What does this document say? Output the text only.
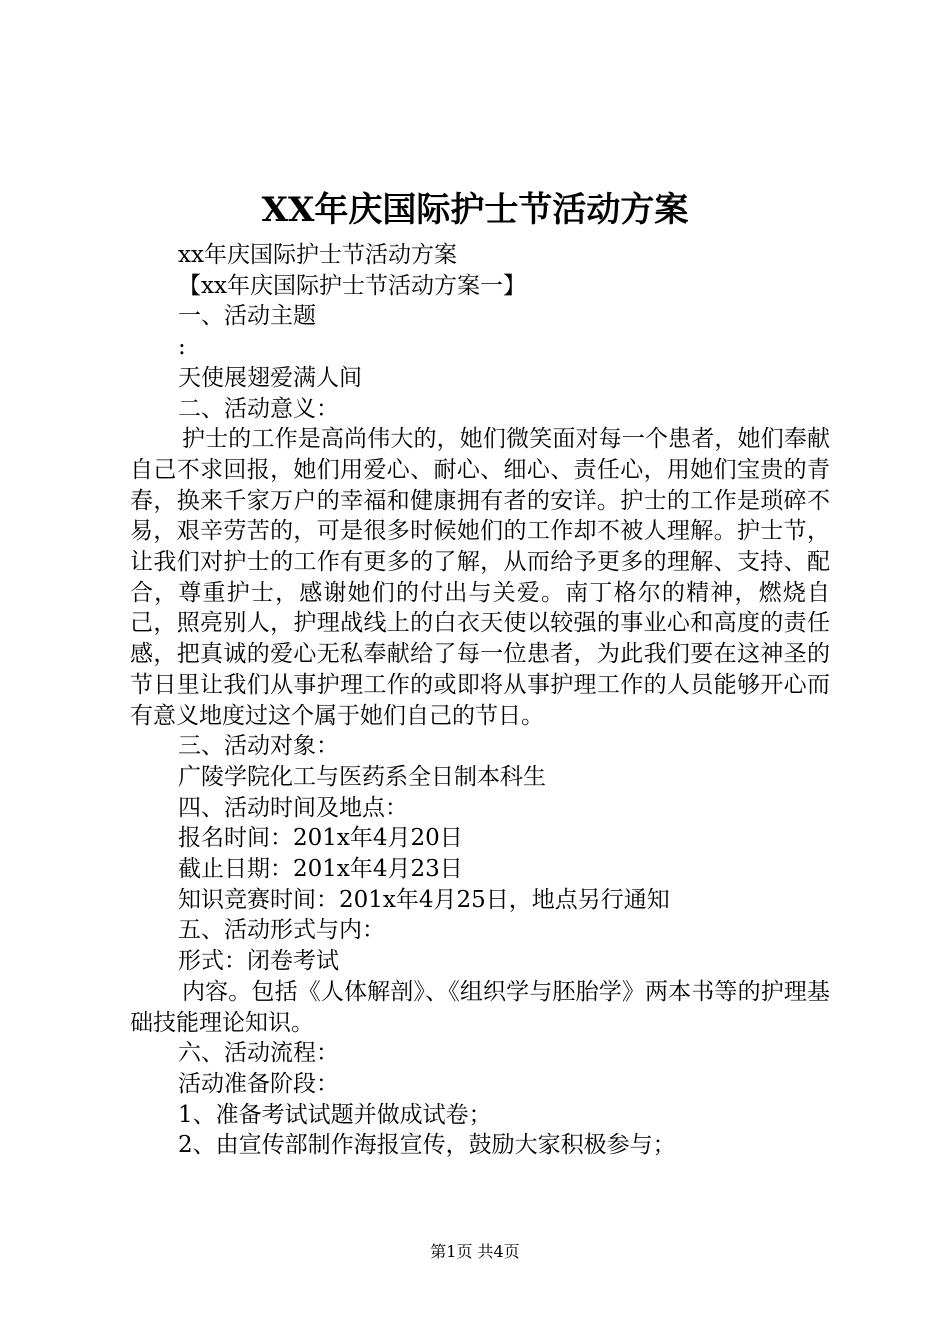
XX年庆国际护士节活动方案
xx年庆国际护士节活动方案
【xx年庆国际护士节活动方案一】
一、活动主题
:
天使展翅爱满人间
二、活动意义：
护士的工作是高尚伟大的，她们微笑面对每一个患者，她们奉献自己不求回报，她们用爱心、耐心、细心、责任心，用她们宝贵的青春，换来千家万户的幸福和健康拥有者的安详。护士的工作是琐碎不易，艰辛劳苦的，可是很多时候她们的工作却不被人理解。护士节，让我们对护士的工作有更多的了解，从而给予更多的理解、支持、配合，尊重护士，感谢她们的付出与关爱。南丁格尔的精神，燃烧自己，照亮别人，护理战线上的白衣天使以较强的事业心和高度的责任感，把真诚的爱心无私奉献给了每一位患者，为此我们要在这神圣的节日里让我们从事护理工作的或即将从事护理工作的人员能够开心而有意义地度过这个属于她们自己的节日。
三、活动对象：
广陵学院化工与医药系全日制本科生
四、活动时间及地点：
报名时间：201x年4月20日
截止日期：201x年4月23日
知识竞赛时间：201x年4月25日，地点另行通知
五、活动形式与内：
形式：闭卷考试
内容。包括《人体解剖》、《组织学与胚胎学》两本书等的护理基础技能理论知识。
六、活动流程：
活动准备阶段：
1、准备考试试题并做成试卷；
2、由宣传部制作海报宣传，鼓励大家积极参与；
第1页 共4页
